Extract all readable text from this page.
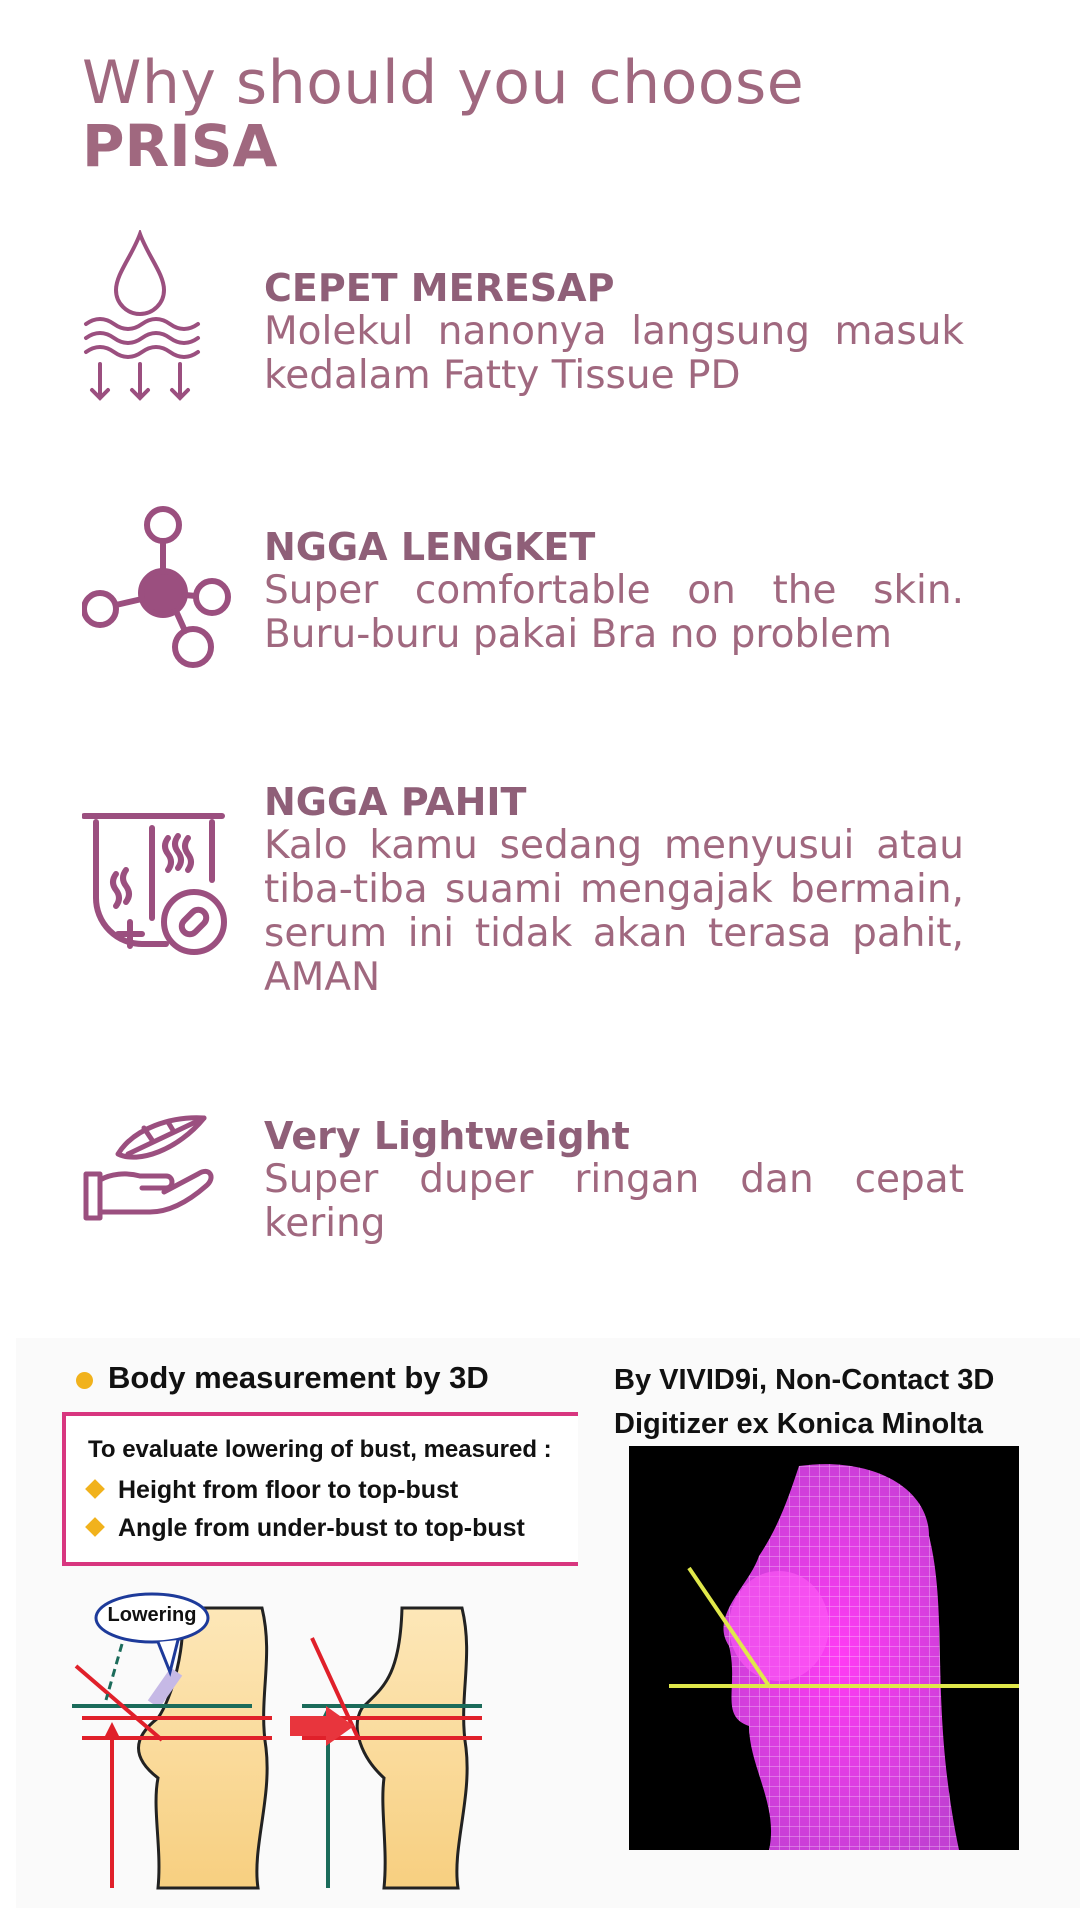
Why should you choose
PRISA
CEPET MERESAP
Molekul nanonya langsung masuk kedalam Fatty Tissue PD
NGGA LENGKET
Super comfortable on the skin. Buru-buru pakai Bra no problem
NGGA PAHIT
Kalo kamu sedang menyusui atau tiba-tiba suami mengajak bermain, serum ini tidak akan terasa pahit, AMAN
Very Lightweight
Super duper ringan dan cepat kering
Body measurement by 3D
To evaluate lowering of bust, measured :
Height from floor to top-bust
Angle from under-bust to top-bust
Lowering
By VIVID9i, Non-Contact 3D
Digitizer ex Konica Minolta
